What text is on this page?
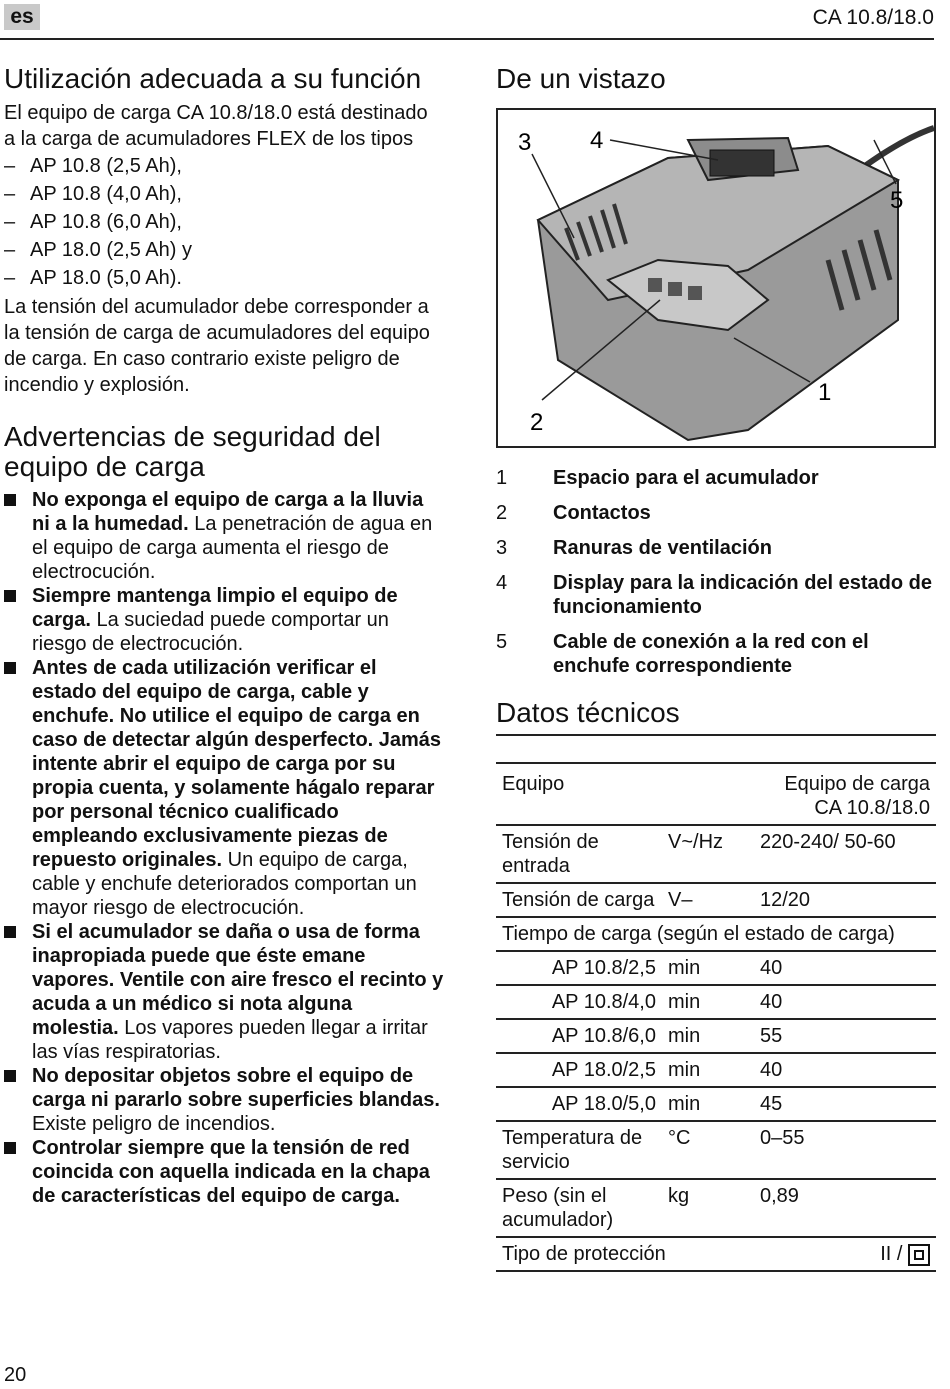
es	CA 10.8/18.0
Utilización adecuada a su función

El equipo de carga CA 10.8/18.0 está destinado a la carga de acumuladores FLEX de los tipos

– AP 10.8 (2,5 Ah),
– AP 10.8 (4,0 Ah),
– AP 10.8 (6,0 Ah),
– AP 18.0 (2,5 Ah) y
– AP 18.0 (5,0 Ah).

La tensión del acumulador debe corresponder a la tensión de carga de acumuladores del equipo de carga. En caso contrario existe peligro de incendio y explosión.

Advertencias de seguridad del equipo de carga
No exponga el equipo de carga a la lluvia ni a la humedad. La penetración de agua en el equipo de carga aumenta el riesgo de electrocución.
Siempre mantenga limpio el equipo de carga. La suciedad puede comportar un riesgo de electrocución.
Antes de cada utilización verificar el estado del equipo de carga, cable y enchufe. No utilice el equipo de carga en caso de detectar algún desperfecto. Jamás intente abrir el equipo de carga por su propia cuenta, y solamente hágalo reparar por personal técnico cualificado empleando exclusivamente piezas de repuesto originales. Un equipo de carga, cable y enchufe deteriorados comportan un mayor riesgo de electrocución.
Si el acumulador se daña o usa de forma inapropiada puede que éste emane vapores. Ventile con aire fresco el recinto y acuda a un médico si nota alguna molestia. Los vapores pueden llegar a irritar las vías respiratorias.
No depositar objetos sobre el equipo de carga ni pararlo sobre superficies blandas. Existe peligro de incendios.
Controlar siempre que la tensión de red coincida con aquella indicada en la chapa de características del equipo de carga.
De un vistazo
3 4
5
1
2
1	Espacio para el acumulador
2	Contactos
3	Ranuras de ventilación
4	Display para la indicación del estado de funcionamiento
5	Cable de conexión a la red con el enchufe correspondiente
Datos técnicos
Equipo		Equipo de carga CA 10.8/18.0
Tensión de entrada	V~/Hz	220-240/ 50-60
Tensión de carga	V–	12/20
Tiempo de carga (según el estado de carga)		
AP 10.8/2,5	min	40
AP 10.8/4,0	min	40
AP 10.8/6,0	min	55
AP 18.0/2,5	min	40
AP 18.0/5,0	min	45
Temperatura de servicio	°C	0–55
Peso (sin el acumulador)	kg	0,89
Tipo de protección		II /
20
